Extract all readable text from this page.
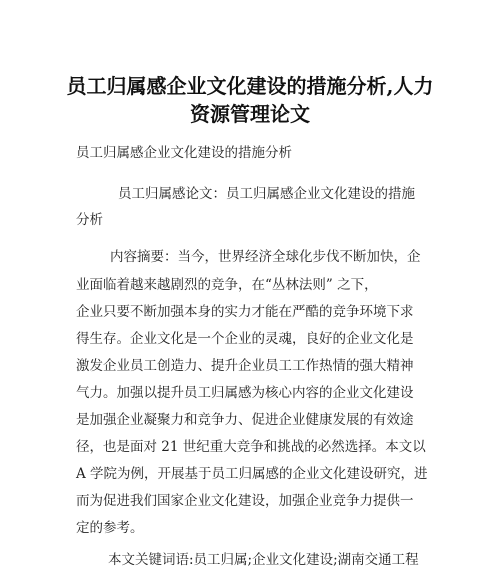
员工归属感企业文化建设的措施分析,人力
资源管理论文

员工归属感企业文化建设的措施分析

员工归属感论文：员工归属感企业文化建设的措施

分析

内容摘要：当今，世界经济全球化步伐不断加快，企

业面临着越来越剧烈的竞争，在“丛林法则” 之下，

企业只要不断加强本身的实力才能在严酷的竞争环境下求

得生存。企业文化是一个企业的灵魂，良好的企业文化是

激发企业员工创造力、提升企业员工工作热情的强大精神

气力。加强以提升员工归属感为核心内容的企业文化建设

是加强企业凝聚力和竞争力、促进企业健康发展的有效途

径，也是面对 21 世纪重大竞争和挑战的必然选择。本文以

A 学院为例，开展基于员工归属感的企业文化建设研究，进

而为促进我们国家企业文化建设，加强企业竞争力提供一

定的参考。

本文关键词语:员工归属;企业文化建设;湖南交通工程
